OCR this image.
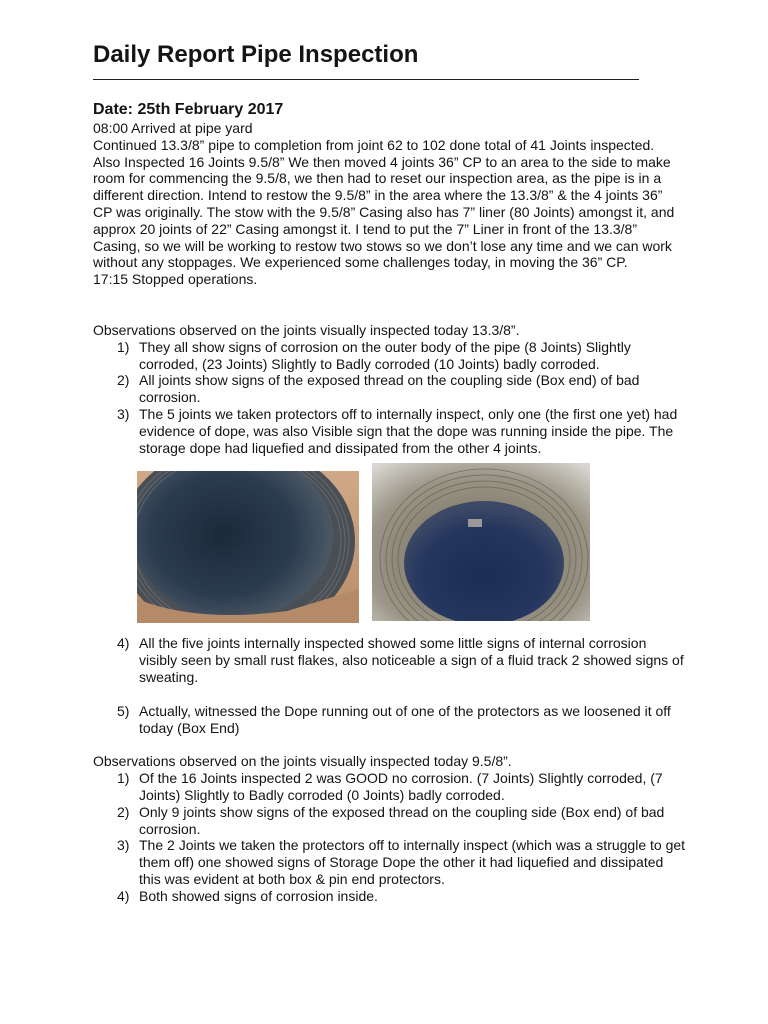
Daily Report Pipe Inspection
Date: 25th February 2017

08:00 Arrived at pipe yard

Continued 13.3/8” pipe to completion from joint 62 to 102 done total of 41 Joints inspected. Also Inspected 16 Joints 9.5/8” We then moved 4 joints 36” CP to an area to the side to make room for commencing the 9.5/8, we then had to reset our inspection area, as the pipe is in a different direction. Intend to restow the 9.5/8” in the area where the 13.3/8” & the 4 joints 36” CP was originally. The stow with the 9.5/8” Casing also has 7” liner (80 Joints) amongst it, and approx 20 joints of 22” Casing amongst it. I tend to put the 7” Liner in front of the 13.3/8” Casing, so we will be working to restow two stows so we don’t lose any time and we can work without any stoppages. We experienced some challenges today, in moving the 36” CP.

17:15 Stopped operations.

Observations observed on the joints visually inspected today 13.3/8”.

1) They all show signs of corrosion on the outer body of the pipe (8 Joints) Slightly corroded, (23 Joints) Slightly to Badly corroded (10 Joints) badly corroded.
2) All joints show signs of the exposed thread on the coupling side (Box end) of bad corrosion.
3) The 5 joints we taken protectors off to internally inspect, only one (the first one yet) had evidence of dope, was also Visible sign that the dope was running inside the pipe. The storage dope had liquefied and dissipated from the other 4 joints.
4) All the five joints internally inspected showed some little signs of internal corrosion visibly seen by small rust flakes, also noticeable a sign of a fluid track 2 showed signs of sweating.
5) Actually, witnessed the Dope running out of one of the protectors as we loosened it off today (Box End)

Observations observed on the joints visually inspected today 9.5/8”.

1) Of the 16 Joints inspected 2 was GOOD no corrosion. (7 Joints) Slightly corroded, (7 Joints) Slightly to Badly corroded (0 Joints) badly corroded.
2) Only 9 joints show signs of the exposed thread on the coupling side (Box end) of bad corrosion.
3) The 2 Joints we taken the protectors off to internally inspect (which was a struggle to get them off) one showed signs of Storage Dope the other it had liquefied and dissipated this was evident at both box & pin end protectors.
4) Both showed signs of corrosion inside.
